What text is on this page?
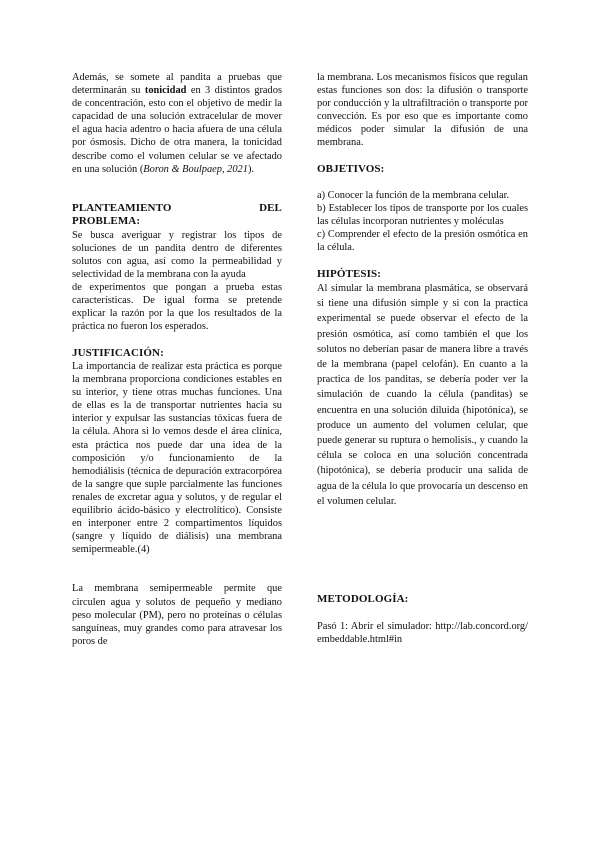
Además, se somete al pandita a pruebas que determinarán su tonicidad en 3 distintos grados de concentración, esto con el objetivo de medir la capacidad de una solución extracelular de mover el agua hacia adentro o hacia afuera de una célula por ósmosis. Dicho de otra manera, la tonicidad describe como el volumen celular se ve afectado en una solución (Boron & Boulpaep, 2021).

PLANTEAMIENTO	DEL
PROBLEMA:

Se busca averiguar y registrar los tipos de soluciones de un pandita dentro de diferentes solutos con agua, así como la permeabilidad y selectividad de la membrana con la ayuda

de experimentos que pongan a prueba estas características. De igual forma se pretende explicar la razón por la que los resultados de la práctica no fueron los esperados.

JUSTIFICACIÓN:

La importancia de realizar esta práctica es porque la membrana proporciona condiciones estables en su interior, y tiene otras muchas funciones. Una de ellas es la de transportar nutrientes hacia su interior y expulsar las sustancias tóxicas fuera de la célula. Ahora si lo vemos desde el área clínica, esta práctica nos puede dar una idea de la composición y/o funcionamiento de la hemodiálisis (técnica de depuración extracorpórea de la sangre que suple parcialmente las funciones renales de excretar agua y solutos, y de regular el equilibrio ácido-básico y electrolítico). Consiste en interponer entre 2 compartimentos líquidos (sangre y líquido de diálisis) una membrana semipermeable.(4)

La membrana semipermeable permite que circulen agua y solutos de pequeño y mediano peso molecular (PM), pero no proteínas o células sanguíneas, muy grandes como para atravesar los poros de

la membrana. Los mecanismos físicos que regulan estas funciones son dos: la difusión o transporte por conducción y la ultrafiltración o transporte por convección. Es por eso que es importante como médicos poder simular la difusión de una membrana.

OBJETIVOS:

a) Conocer la función de la membrana celular.

b) Establecer los tipos de transporte por los cuales las células incorporan nutrientes y moléculas

c) Comprender el efecto de la presión osmótica en la célula.

HIPÓTESIS:

Al simular la membrana plasmática, se observará si tiene una difusión simple y si con la practica experimental se puede observar el efecto de la presión osmótica, así como también el que los solutos no deberían pasar de manera libre a través de la membrana (papel celofán). En cuanto a la practica de los panditas, se debería poder ver la simulación de cuando la célula (panditas) se encuentra en una solución diluida (hipotónica), se produce un aumento del volumen celular, que puede generar su ruptura o hemolisis., y cuando la célula se coloca en una solución concentrada (hipotónica), se debería producir una salida de agua de la célula lo que provocaría un descenso en el volumen celular.

METODOLOGÍA:

Pasó 1: Abrir el simulador: http://lab.concord.org/embeddable.html#in
